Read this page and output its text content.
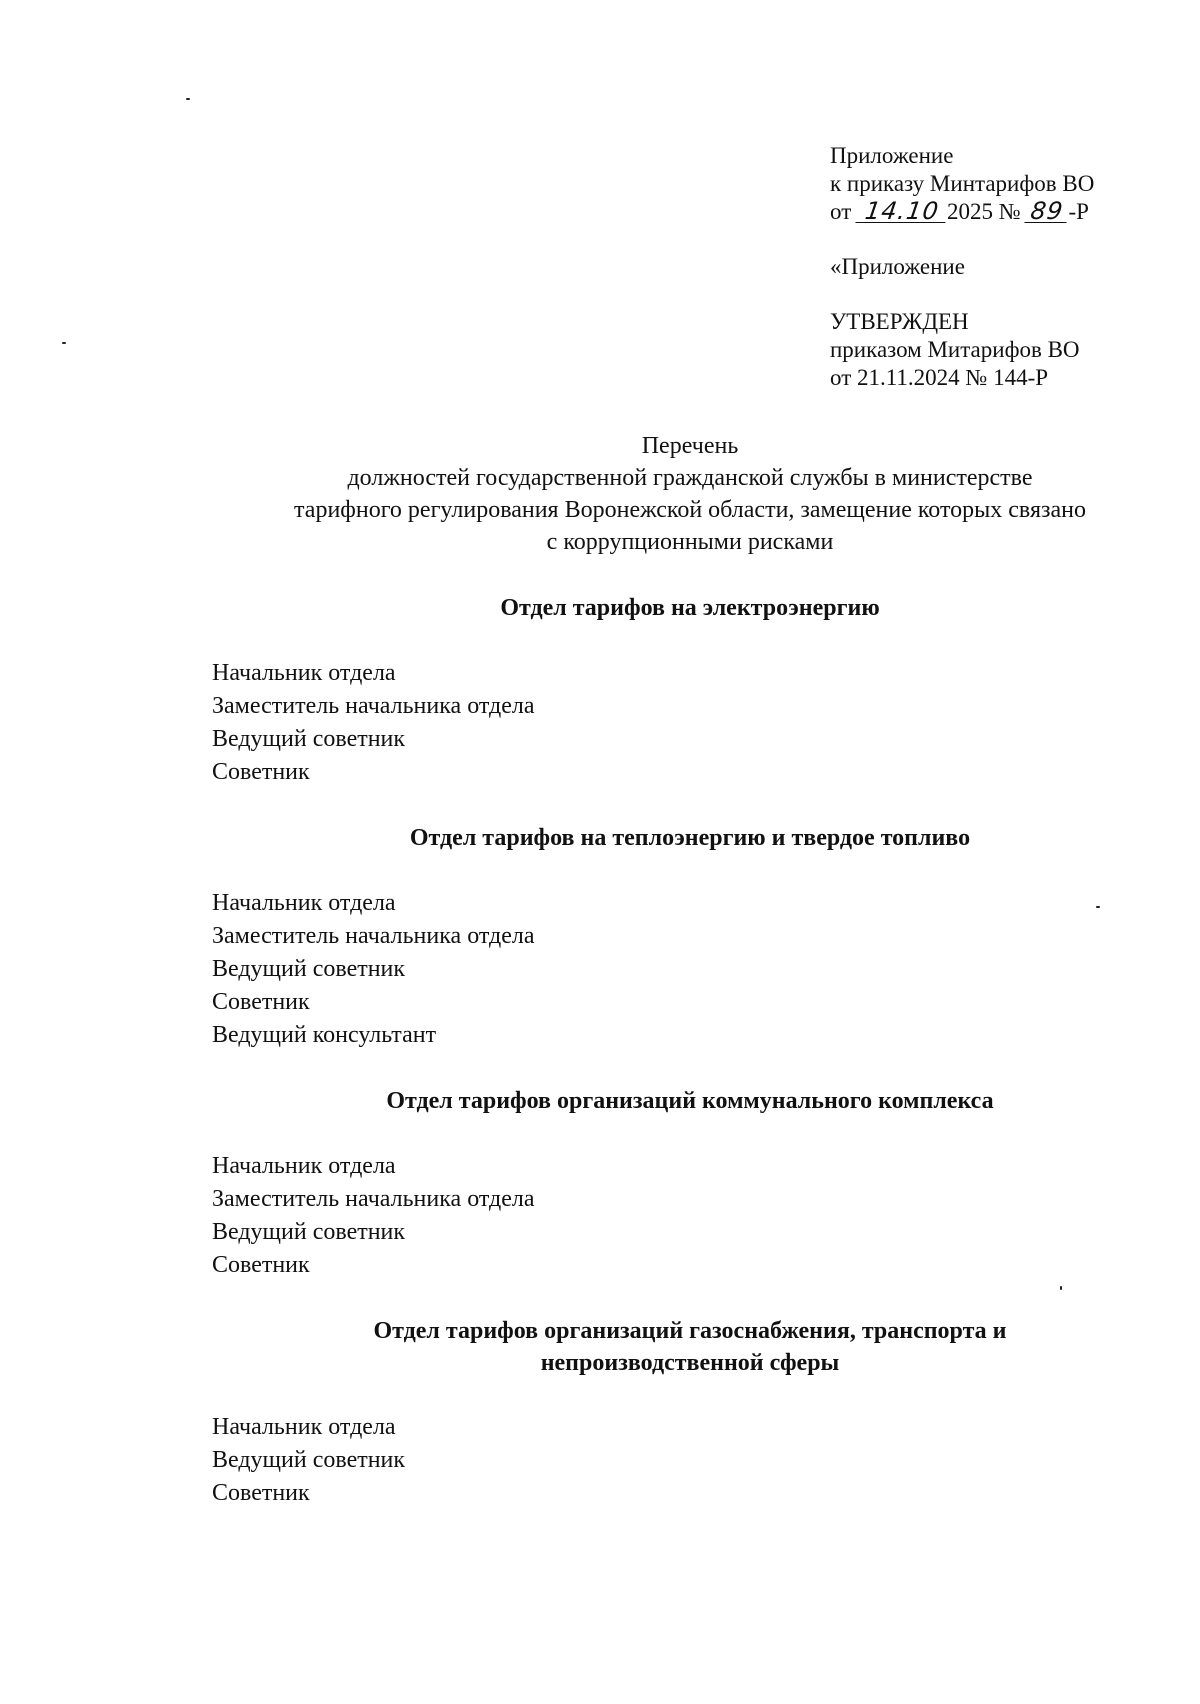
Приложение
к приказу Минтарифов ВО
от 14.10 2025 № 89 -Р
«Приложение
УТВЕРЖДЕН
приказом Митарифов ВО
от 21.11.2024 № 144-Р
Перечень
должностей государственной гражданской службы в министерстве
тарифного регулирования Воронежской области, замещение которых связано
с коррупционными рисками
Отдел тарифов на электроэнергию
Начальник отдела
Заместитель начальника отдела
Ведущий советник
Советник
Отдел тарифов на теплоэнергию и твердое топливо
Начальник отдела
Заместитель начальника отдела
Ведущий советник
Советник
Ведущий консультант
Отдел тарифов организаций коммунального комплекса
Начальник отдела
Заместитель начальника отдела
Ведущий советник
Советник
Отдел тарифов организаций газоснабжения, транспорта и
непроизводственной сферы
Начальник отдела
Ведущий советник
Советник
